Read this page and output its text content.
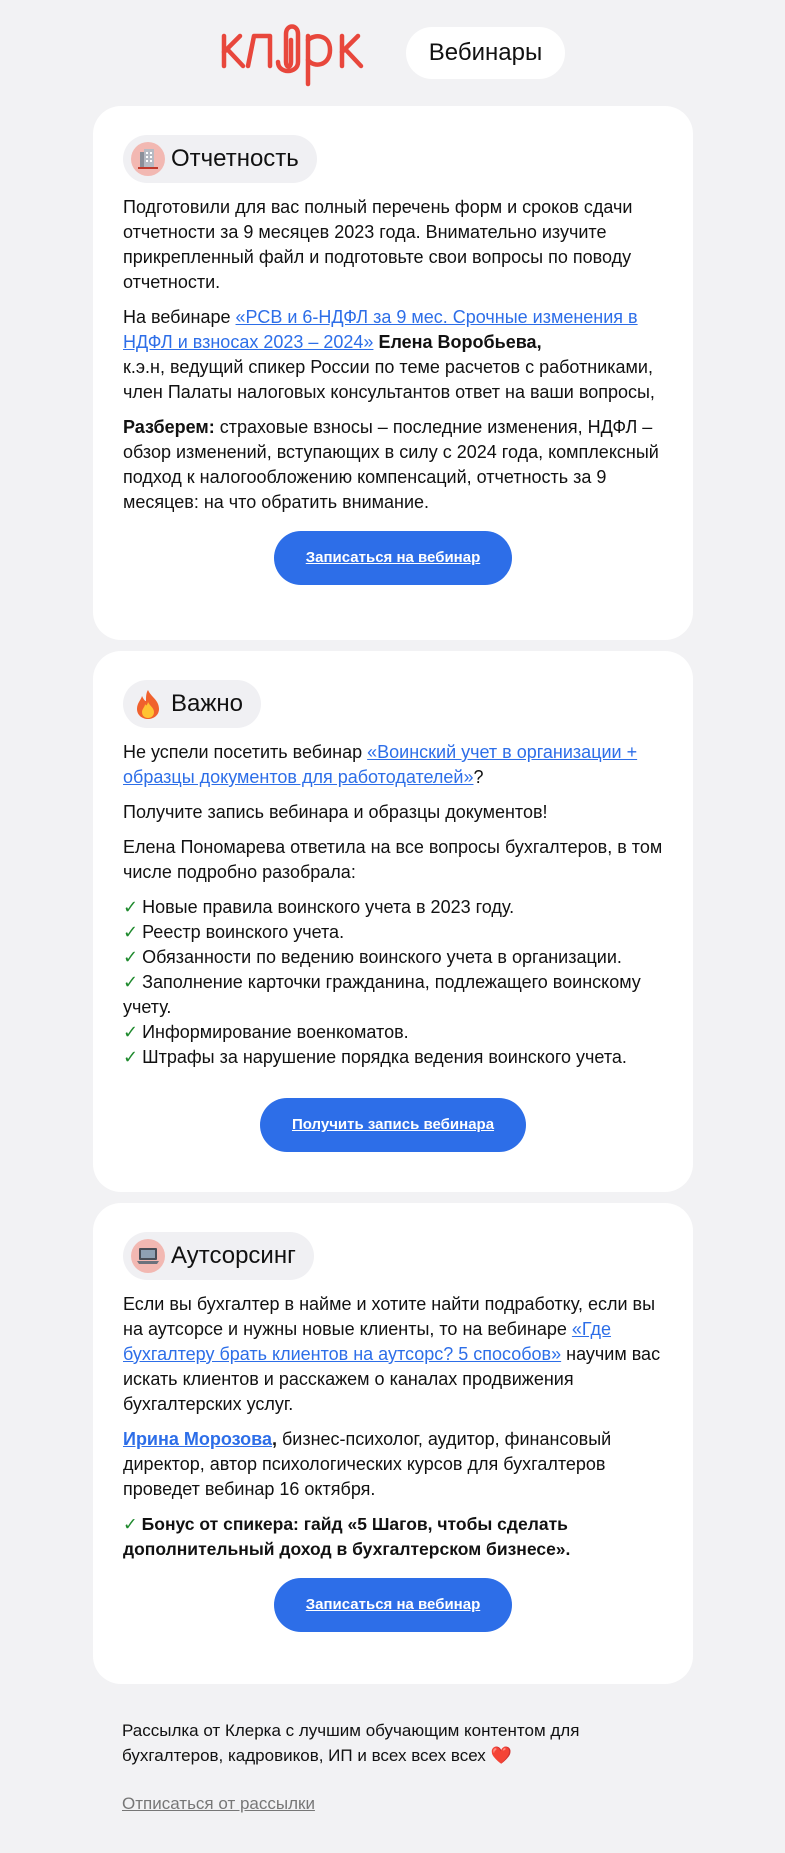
Вебинары
Отчетность

Подготовили для вас полный перечень форм и сроков сдачи отчетности за 9 месяцев 2023 года. Внимательно изучите прикрепленный файл и подготовьте свои вопросы по поводу отчетности.

На вебинаре «РСВ и 6-НДФЛ за 9 мес. Срочные изменения в НДФЛ и взносах 2023 – 2024» Елена Воробьева,
к.э.н, ведущий спикер России по теме расчетов с работниками, член Палаты налоговых консультантов ответ на ваши вопросы,

Разберем: страховые взносы – последние изменения, НДФЛ – обзор изменений, вступающих в силу с 2024 года, комплексный подход к налогообложению компенсаций, отчетность за 9 месяцев: на что обратить внимание.

Записаться на вебинар
Важно

Не успели посетить вебинар «Воинский учет в организации + образцы документов для работодателей»?

Получите запись вебинара и образцы документов!

Елена Пономарева ответила на все вопросы бухгалтеров, в том числе подробно разобрала:

✓ Новые правила воинского учета в 2023 году.
✓ Реестр воинского учета.
✓ Обязанности по ведению воинского учета в организации.
✓ Заполнение карточки гражданина, подлежащего воинскому учету.
✓ Информирование военкоматов.
✓ Штрафы за нарушение порядка ведения воинского учета.
Получить запись вебинара
Аутсорсинг

Если вы бухгалтер в найме и хотите найти подработку, если вы на аутсорсе и нужны новые клиенты, то на вебинаре «Где бухгалтеру брать клиентов на аутсорс? 5 способов» научим вас искать клиентов и расскажем о каналах продвижения бухгалтерских услуг.

Ирина Морозова, бизнес-психолог, аудитор, финансовый директор, автор психологических курсов для бухгалтеров проведет вебинар 16 октября.

✓ Бонус от спикера: гайд «5 Шагов, чтобы сделать дополнительный доход в бухгалтерском бизнесе».

Записаться на вебинар

Рассылка от Клерка с лучшим обучающим контентом для бухгалтеров, кадровиков, ИП и всех всех всех ❤️

Отписаться от рассылки
